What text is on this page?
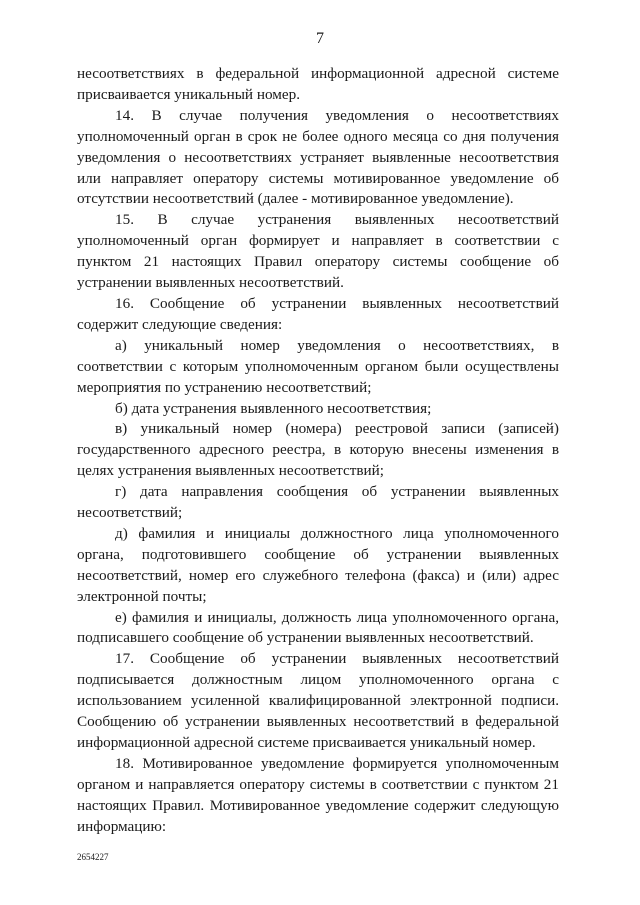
7

несоответствиях в федеральной информационной адресной системе присваивается уникальный номер.

14. В случае получения уведомления о несоответствиях уполномоченный орган в срок не более одного месяца со дня получения уведомления о несоответствиях устраняет выявленные несоответствия или направляет оператору системы мотивированное уведомление об отсутствии несоответствий (далее - мотивированное уведомление).

15. В случае устранения выявленных несоответствий уполномоченный орган формирует и направляет в соответствии с пунктом 21 настоящих Правил оператору системы сообщение об устранении выявленных несоответствий.

16. Сообщение об устранении выявленных несоответствий содержит следующие сведения:

а) уникальный номер уведомления о несоответствиях, в соответствии с которым уполномоченным органом были осуществлены мероприятия по устранению несоответствий;

б) дата устранения выявленного несоответствия;

в) уникальный номер (номера) реестровой записи (записей) государственного адресного реестра, в которую внесены изменения в целях устранения выявленных несоответствий;

г) дата направления сообщения об устранении выявленных несоответствий;

д) фамилия и инициалы должностного лица уполномоченного органа, подготовившего сообщение об устранении выявленных несоответствий, номер его служебного телефона (факса) и (или) адрес электронной почты;

е) фамилия и инициалы, должность лица уполномоченного органа, подписавшего сообщение об устранении выявленных несоответствий.

17. Сообщение об устранении выявленных несоответствий подписывается должностным лицом уполномоченного органа с использованием усиленной квалифицированной электронной подписи. Сообщению об устранении выявленных несоответствий в федеральной информационной адресной системе присваивается уникальный номер.

18. Мотивированное уведомление формируется уполномоченным органом и направляется оператору системы в соответствии с пунктом 21 настоящих Правил. Мотивированное уведомление содержит следующую информацию:

2654227
